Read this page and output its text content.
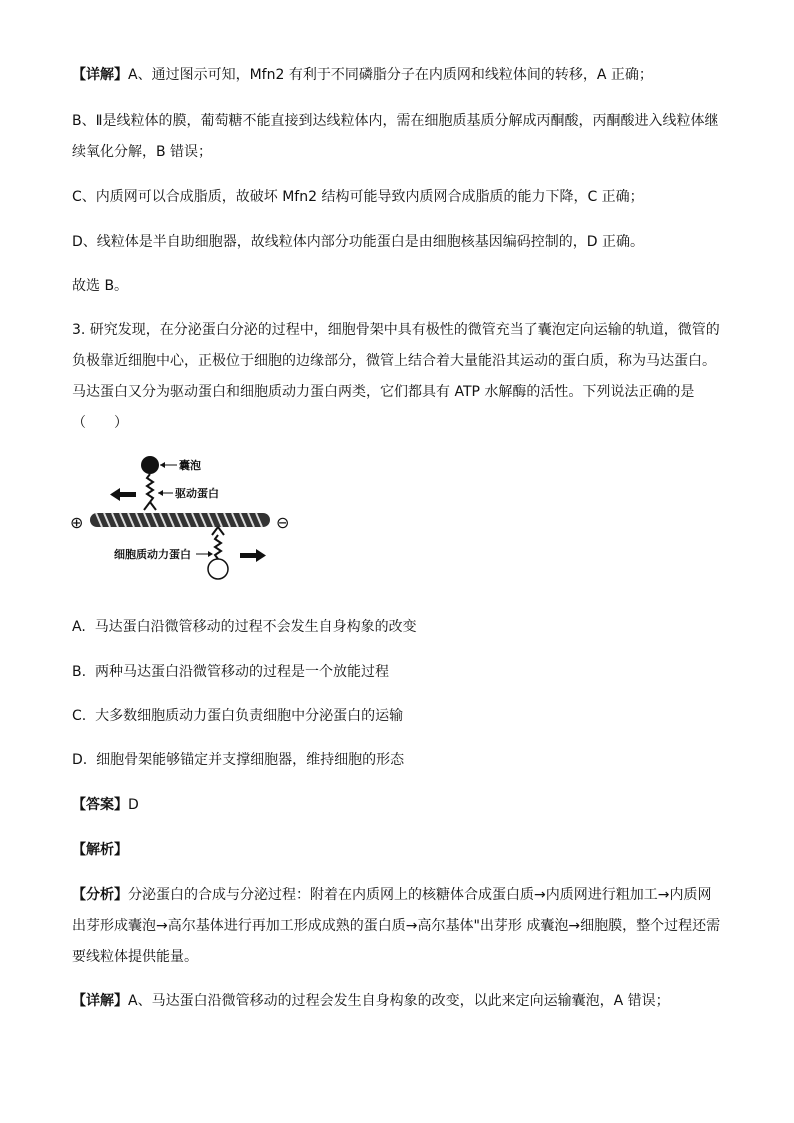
【详解】A、通过图示可知，Mfn2 有利于不同磷脂分子在内质网和线粒体间的转移，A 正确；

B、Ⅱ是线粒体的膜，葡萄糖不能直接到达线粒体内，需在细胞质基质分解成丙酮酸，丙酮酸进入线粒体继

续氧化分解，B 错误；

C、内质网可以合成脂质，故破坏 Mfn2 结构可能导致内质网合成脂质的能力下降，C 正确；

D、线粒体是半自助细胞器，故线粒体内部分功能蛋白是由细胞核基因编码控制的，D 正确。

故选 B。

3. 研究发现，在分泌蛋白分泌的过程中，细胞骨架中具有极性的微管充当了囊泡定向运输的轨道，微管的

负极靠近细胞中心，正极位于细胞的边缘部分，微管上结合着大量能沿其运动的蛋白质，称为马达蛋白。

马达蛋白又分为驱动蛋白和细胞质动力蛋白两类，它们都具有 ATP 水解酶的活性。下列说法正确的是

（　　）

囊泡
驱动蛋白
⊕	⊖
细胞质动力蛋白

A. 马达蛋白沿微管移动的过程不会发生自身构象的改变

B. 两种马达蛋白沿微管移动的过程是一个放能过程

C. 大多数细胞质动力蛋白负责细胞中分泌蛋白的运输

D. 细胞骨架能够锚定并支撑细胞器，维持细胞的形态

【答案】D

【解析】

【分析】分泌蛋白的合成与分泌过程：附着在内质网上的核糖体合成蛋白质→内质网进行粗加工→内质网

出芽形成囊泡→高尔基体进行再加工形成成熟的蛋白质→高尔基体"出芽形 成囊泡→细胞膜，整个过程还需

要线粒体提供能量。

【详解】A、马达蛋白沿微管移动的过程会发生自身构象的改变，以此来定向运输囊泡，A 错误；
